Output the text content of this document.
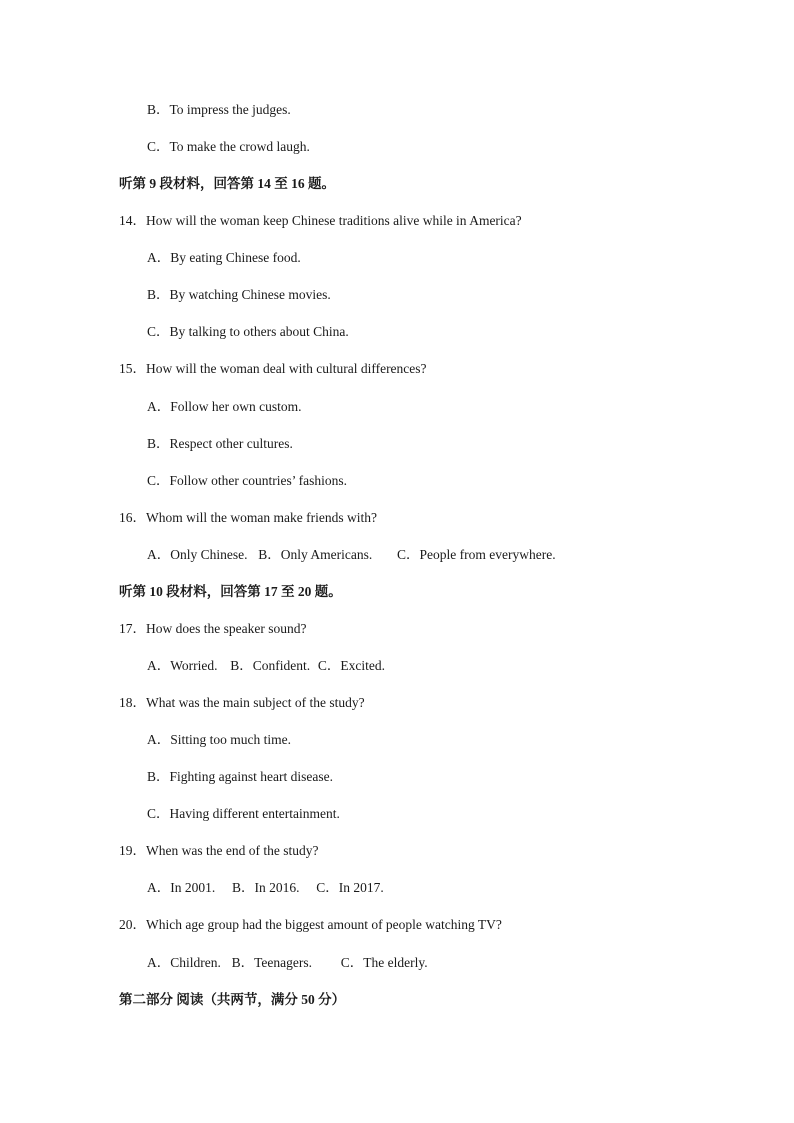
B．To impress the judges.
C．To make the crowd laugh.
听第 9 段材料，回答第 14 至 16 题。
14．How will the woman keep Chinese traditions alive while in America?
A．By eating Chinese food.
B．By watching Chinese movies.
C．By talking to others about China.
15．How will the woman deal with cultural differences?
A．Follow her own custom.
B．Respect other cultures.
C．Follow other countries’ fashions.
16．Whom will the woman make friends with?
A．Only Chinese. B．Only Americans. C．People from everywhere.
听第 10 段材料，回答第 17 至 20 题。
17．How does the speaker sound?
A．Worried. B．Confident. C．Excited.
18．What was the main subject of the study?
A．Sitting too much time.
B．Fighting against heart disease.
C．Having different entertainment.
19．When was the end of the study?
A．In 2001. B．In 2016. C．In 2017.
20．Which age group had the biggest amount of people watching TV?
A．Children. B．Teenagers. C．The elderly.
第二部分 阅读（共两节，满分 50 分）
